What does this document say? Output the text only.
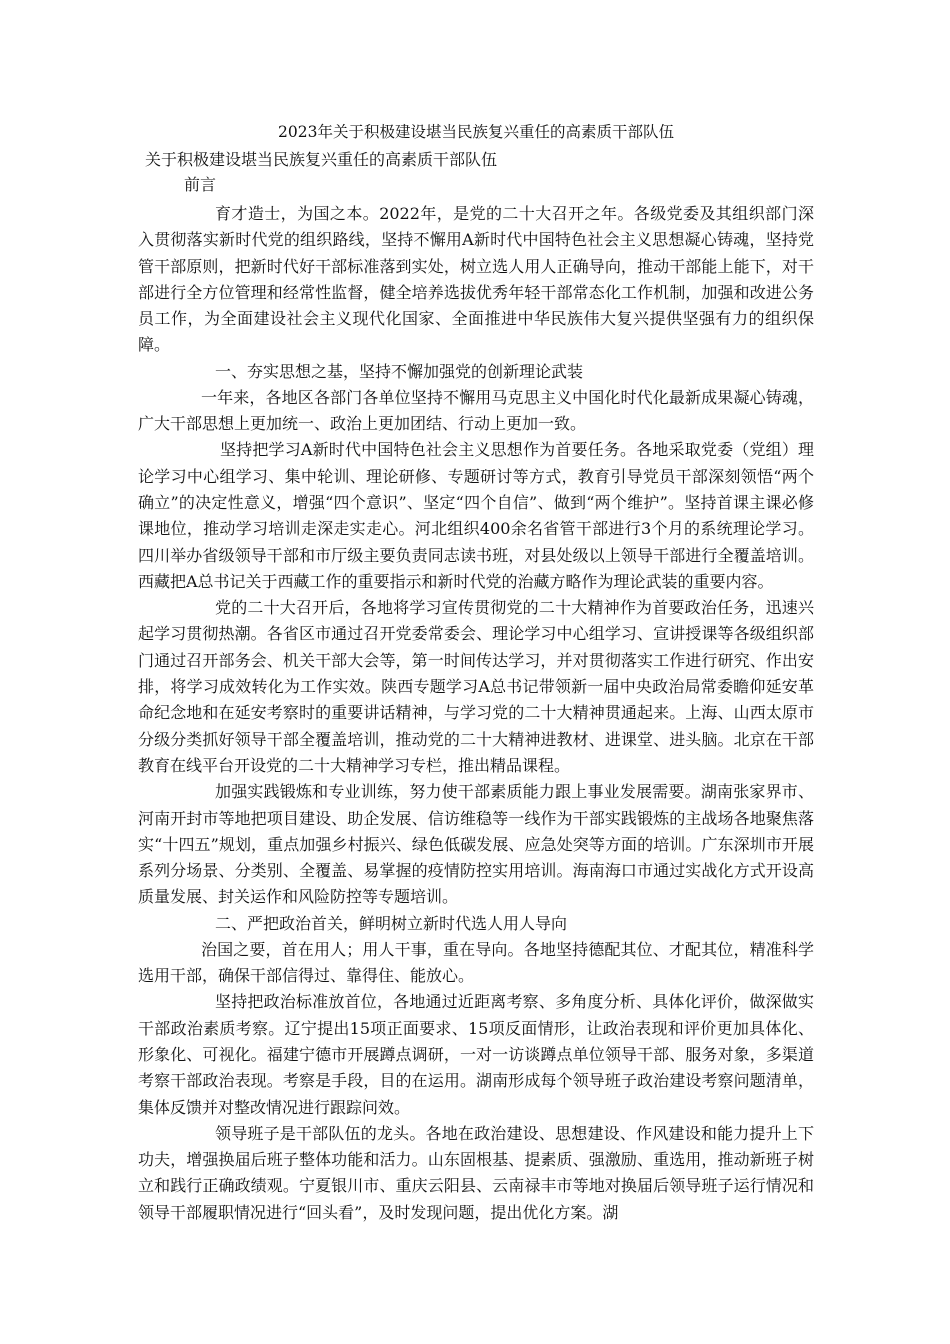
2023年关于积极建设堪当民族复兴重任的高素质干部队伍
关于积极建设堪当民族复兴重任的高素质干部队伍
前言

育才造士，为国之本。2022年，是党的二十大召开之年。各级党委及其组织部门深入贯彻落实新时代党的组织路线，坚持不懈用A新时代中国特色社会主义思想凝心铸魂，坚持党管干部原则，把新时代好干部标准落到实处，树立选人用人正确导向，推动干部能上能下，对干部进行全方位管理和经常性监督，健全培养选拔优秀年轻干部常态化工作机制，加强和改进公务员工作，为全面建设社会主义现代化国家、全面推进中华民族伟大复兴提供坚强有力的组织保障。

一、夯实思想之基，坚持不懈加强党的创新理论武装

一年来，各地区各部门各单位坚持不懈用马克思主义中国化时代化最新成果凝心铸魂，广大干部思想上更加统一、政治上更加团结、行动上更加一致。

坚持把学习A新时代中国特色社会主义思想作为首要任务。各地采取党委（党组）理论学习中心组学习、集中轮训、理论研修、专题研讨等方式，教育引导党员干部深刻领悟“两个确立”的决定性意义，增强“四个意识”、坚定“四个自信”、做到“两个维护”。坚持首课主课必修课地位，推动学习培训走深走实走心。河北组织400余名省管干部进行3个月的系统理论学习。四川举办省级领导干部和市厅级主要负责同志读书班，对县处级以上领导干部进行全覆盖培训。西藏把A总书记关于西藏工作的重要指示和新时代党的治藏方略作为理论武装的重要内容。

党的二十大召开后，各地将学习宣传贯彻党的二十大精神作为首要政治任务，迅速兴起学习贯彻热潮。各省区市通过召开党委常委会、理论学习中心组学习、宣讲授课等各级组织部门通过召开部务会、机关干部大会等，第一时间传达学习，并对贯彻落实工作进行研究、作出安排，将学习成效转化为工作实效。陕西专题学习A总书记带领新一届中央政治局常委瞻仰延安革命纪念地和在延安考察时的重要讲话精神，与学习党的二十大精神贯通起来。上海、山西太原市分级分类抓好领导干部全覆盖培训，推动党的二十大精神进教材、进课堂、进头脑。北京在干部教育在线平台开设党的二十大精神学习专栏，推出精品课程。

加强实践锻炼和专业训练，努力使干部素质能力跟上事业发展需要。湖南张家界市、河南开封市等地把项目建设、助企发展、信访维稳等一线作为干部实践锻炼的主战场各地聚焦落实“十四五”规划，重点加强乡村振兴、绿色低碳发展、应急处突等方面的培训。广东深圳市开展系列分场景、分类别、全覆盖、易掌握的疫情防控实用培训。海南海口市通过实战化方式开设高质量发展、封关运作和风险防控等专题培训。

二、严把政治首关，鲜明树立新时代选人用人导向

治国之要，首在用人；用人干事，重在导向。各地坚持德配其位、才配其位，精准科学选用干部，确保干部信得过、靠得住、能放心。

坚持把政治标准放首位，各地通过近距离考察、多角度分析、具体化评价，做深做实干部政治素质考察。辽宁提出15项正面要求、15项反面情形，让政治表现和评价更加具体化、形象化、可视化。福建宁德市开展蹲点调研，一对一访谈蹲点单位领导干部、服务对象，多渠道考察干部政治表现。考察是手段，目的在运用。湖南形成每个领导班子政治建设考察问题清单，集体反馈并对整改情况进行跟踪问效。

领导班子是干部队伍的龙头。各地在政治建设、思想建设、作风建设和能力提升上下功夫，增强换届后班子整体功能和活力。山东固根基、提素质、强激励、重选用，推动新班子树立和践行正确政绩观。宁夏银川市、重庆云阳县、云南禄丰市等地对换届后领导班子运行情况和领导干部履职情况进行“回头看”，及时发现问题，提出优化方案。湖
